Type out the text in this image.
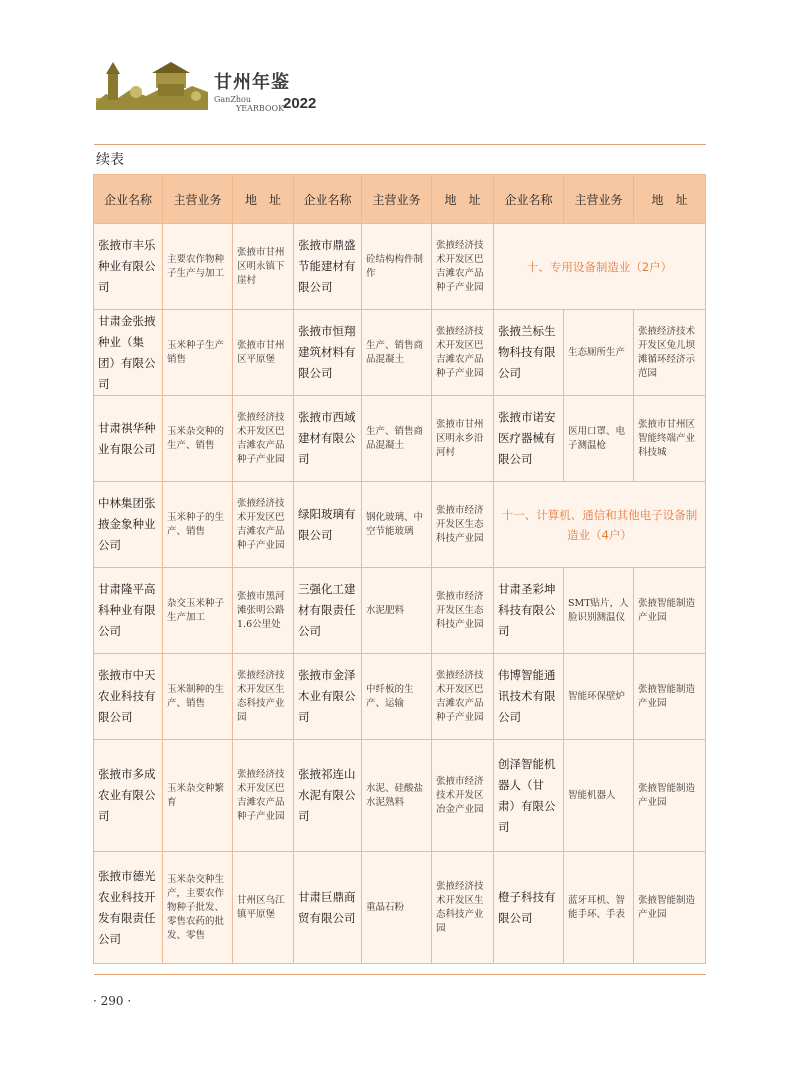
甘州年鉴
GanZhou
YEARBOOK
2022
续表
企业名称	主营业务	地　址	企业名称	主营业务	地　址	企业名称	主营业务	地　址
张掖市丰乐种业有限公司	主要农作物种子生产与加工	张掖市甘州区明永镇下崖村	张掖市鼎盛节能建材有限公司	砼结构构件制作	张掖经济技术开发区巴吉滩农产品种子产业园	十、专用设备制造业（2户）		
甘肃金张掖种业（集团）有限公司	玉米种子生产销售	张掖市甘州区平原堡	张掖市恒翔建筑材料有限公司	生产、销售商品混凝土	张掖经济技术开发区巴吉滩农产品种子产业园	张掖兰标生物科技有限公司	生态厕所生产	张掖经济技术开发区兔儿坝滩循环经济示范园
甘肃祺华种业有限公司	玉米杂交种的生产、销售	张掖经济技术开发区巴吉滩农产品种子产业园	张掖市西域建材有限公司	生产、销售商品混凝土	张掖市甘州区明永乡沿河村	张掖市诺安医疗器械有限公司	医用口罩、电子测温枪	张掖市甘州区智能终端产业科技城
中林集团张掖金象种业公司	玉米种子的生产、销售	张掖经济技术开发区巴吉滩农产品种子产业园	绿阳玻璃有限公司	钢化玻璃、中空节能玻璃	张掖市经济开发区生态科技产业园	十一、计算机、通信和其他电子设备制造业（4户）		
甘肃隆平高科种业有限公司	杂交玉米种子生产加工	张掖市黑河滩张明公路1.6公里处	三强化工建材有限责任公司	水泥肥料	张掖市经济开发区生态科技产业园	甘肃圣彩坤科技有限公司	SMT贴片，人脸识别测温仪	张掖智能制造产业园
张掖市中天农业科技有限公司	玉米制种的生产、销售	张掖经济技术开发区生态科技产业园	张掖市金泽木业有限公司	中纤板的生产、运输	张掖经济技术开发区巴吉滩农产品种子产业园	伟博智能通讯技术有限公司	智能环保壁炉	张掖智能制造产业园
张掖市多成农业有限公司	玉米杂交种繁育	张掖经济技术开发区巴吉滩农产品种子产业园	张掖祁连山水泥有限公司	水泥、硅酸盐水泥熟料	张掖市经济技术开发区冶金产业园	创泽智能机器人（甘肃）有限公司	智能机器人	张掖智能制造产业园
张掖市德光农业科技开发有限责任公司	玉米杂交种生产，主要农作物种子批发、零售农药的批发、零售	甘州区乌江镇平原堡	甘肃巨鼎商贸有限公司	重晶石粉	张掖经济技术开发区生态科技产业园	橙子科技有限公司	蓝牙耳机、智能手环、手表	张掖智能制造产业园
· 290 ·
